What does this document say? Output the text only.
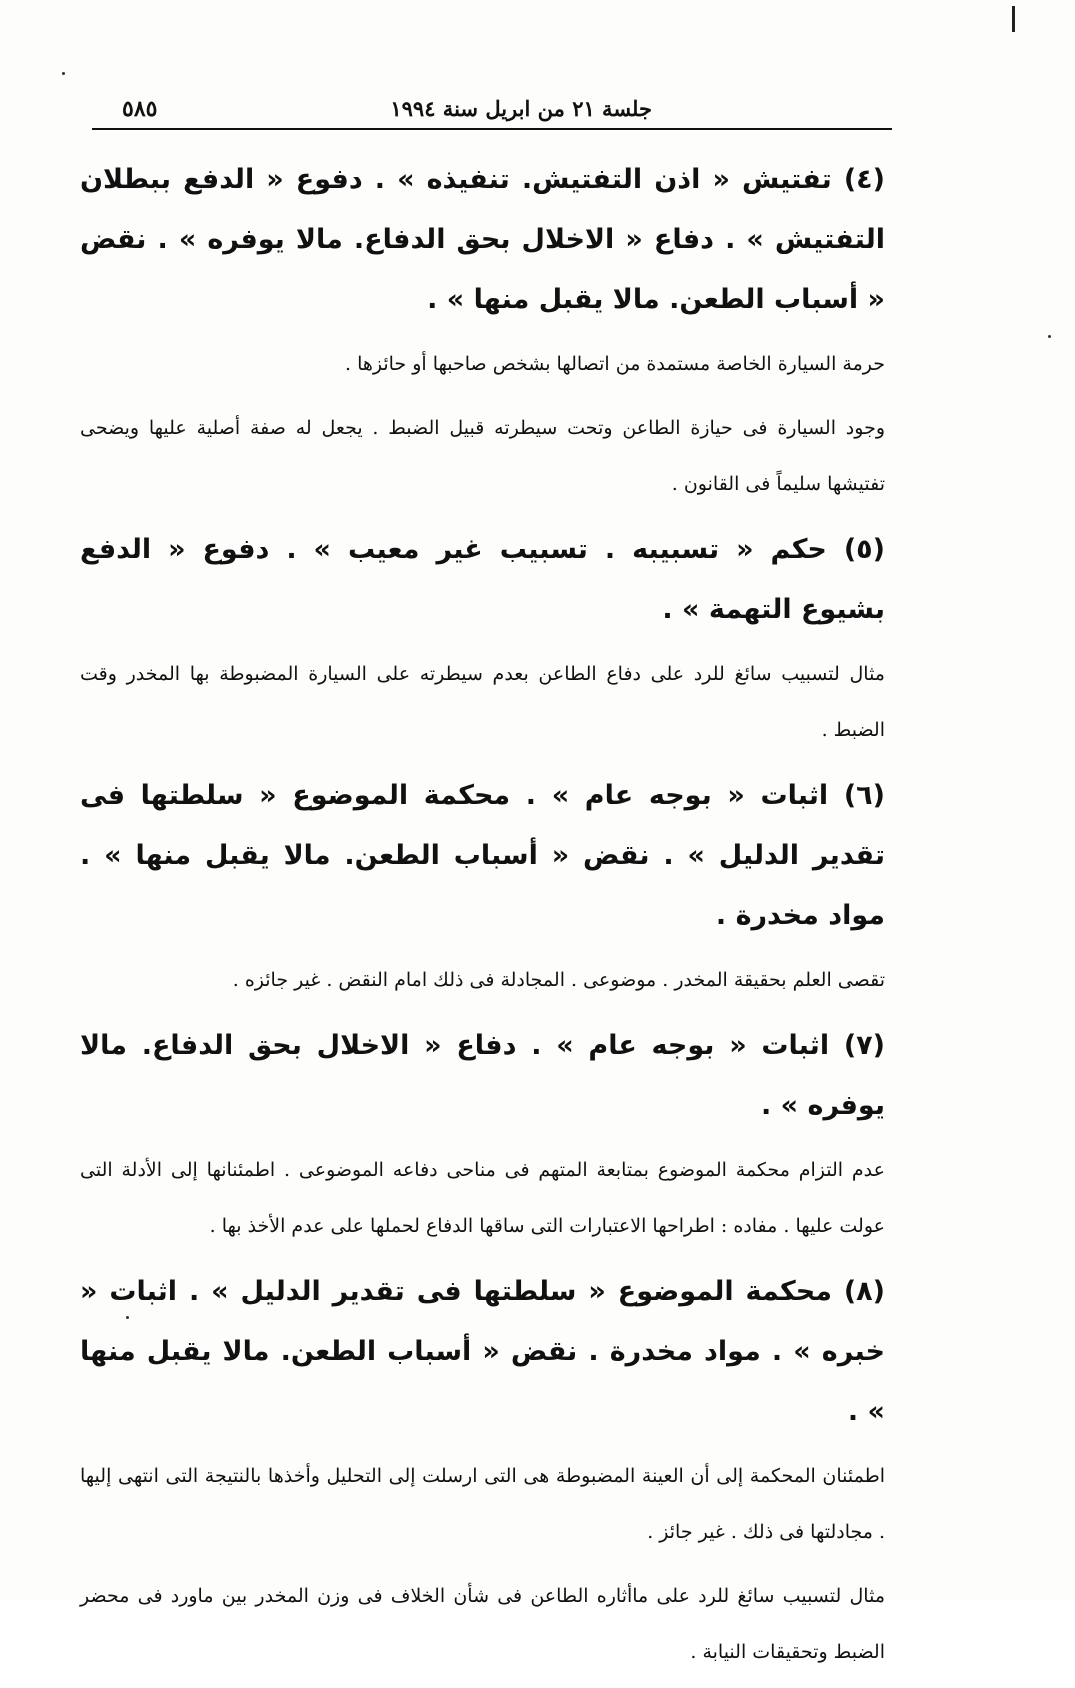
جلسة ٢١ من ابريل سنة ١٩٩٤
٥٨٥

(٤) تفتيش « اذن التفتيش. تنفيذه » . دفوع « الدفع ببطلان التفتيش » . دفاع « الاخلال بحق الدفاع. مالا يوفره » . نقض « أسباب الطعن. مالا يقبل منها » .

حرمة السيارة الخاصة مستمدة من اتصالها بشخص صاحبها أو حائزها .

وجود السيارة فى حيازة الطاعن وتحت سيطرته قبيل الضبط . يجعل له صفة أصلية عليها ويضحى تفتيشها سليماً فى القانون .

(٥) حكم « تسبيبه . تسبيب غير معيب » . دفوع « الدفع بشيوع التهمة » .

مثال لتسبيب سائغ للرد على دفاع الطاعن بعدم سيطرته على السيارة المضبوطة بها المخدر وقت الضبط .

(٦) اثبات « بوجه عام » . محكمة الموضوع « سلطتها فى تقدير الدليل » . نقض « أسباب الطعن. مالا يقبل منها » . مواد مخدرة .

تقصى العلم بحقيقة المخدر . موضوعى . المجادلة فى ذلك امام النقض . غير جائزه .

(٧) اثبات « بوجه عام » . دفاع « الاخلال بحق الدفاع. مالا يوفره » .

عدم التزام محكمة الموضوع بمتابعة المتهم فى مناحى دفاعه الموضوعى . اطمئنانها إلى الأدلة التى عولت عليها . مفاده : اطراحها الاعتبارات التى ساقها الدفاع لحملها على عدم الأخذ بها .

(٨) محكمة الموضوع « سلطتها فى تقدير الدليل » . اثبات « خبره » . مواد مخدرة . نقض « أسباب الطعن. مالا يقبل منها » .

اطمئنان المحكمة إلى أن العينة المضبوطة هى التى ارسلت إلى التحليل وأخذها بالنتيجة التى انتهى إليها . مجادلتها فى ذلك . غير جائز .

مثال لتسبيب سائغ للرد على ماأثاره الطاعن فى شأن الخلاف فى وزن المخدر بين ماورد فى محضر الضبط وتحقيقات النيابة .
